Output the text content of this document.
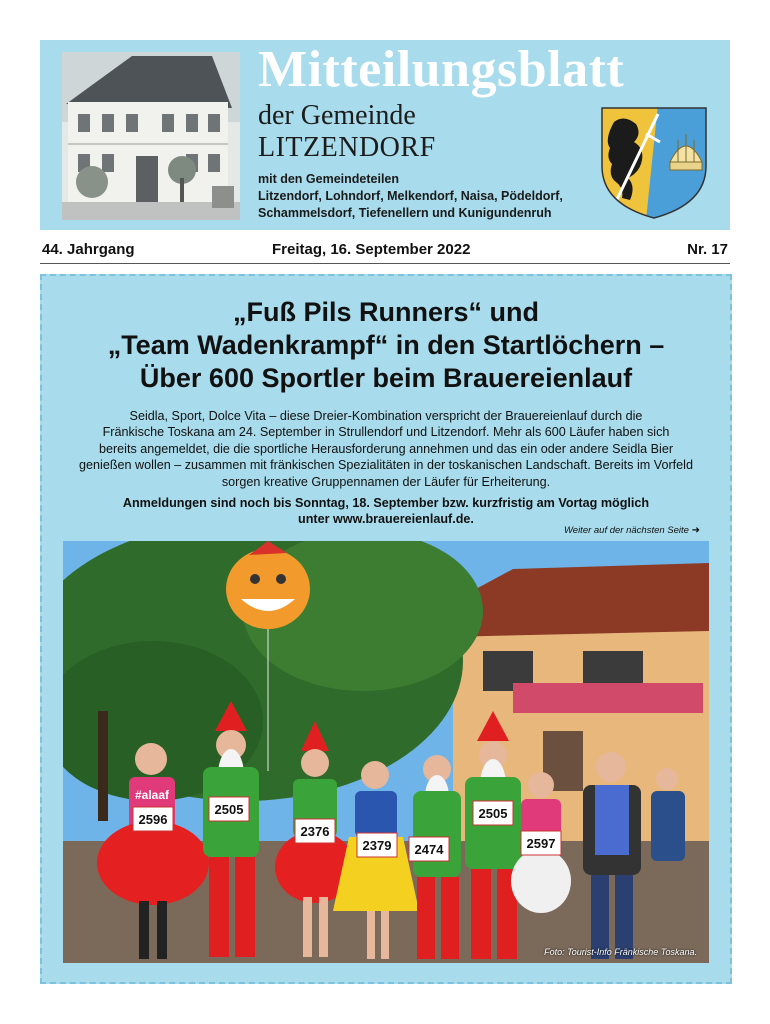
Mitteilungsblatt
der Gemeinde
LITZENDORF
mit den Gemeindeteilen
Litzendorf, Lohndorf, Melkendorf, Naisa, Pödeldorf,
Schammelsdorf, Tiefenellern und Kunigundenruh
44. Jahrgang	Freitag, 16. September 2022	Nr. 17
„Fuß Pils Runners“ und
„Team Wadenkrampf“ in den Startlöchern –
Über 600 Sportler beim Brauereienlauf
Seidla, Sport, Dolce Vita – diese Dreier-Kombination verspricht der Brauereienlauf durch die
Fränkische Toskana am 24. September in Strullendorf und Litzendorf. Mehr als 600 Läufer haben sich
bereits angemeldet, die die sportliche Herausforderung annehmen und das ein oder andere Seidla Bier
genießen wollen – zusammen mit fränkischen Spezialitäten in der toskanischen Landschaft. Bereits im Vorfeld
sorgen kreative Gruppennamen der Läufer für Erheiterung.
Anmeldungen sind noch bis Sonntag, 18. September bzw. kurzfristig am Vortag möglich
unter www.brauereienlauf.de.
Weiter auf der nächsten Seite ➜
2596
2505
2376
2379 2474
2505
2597
#alaaf
Foto: Tourist-Info Fränkische Toskana.
